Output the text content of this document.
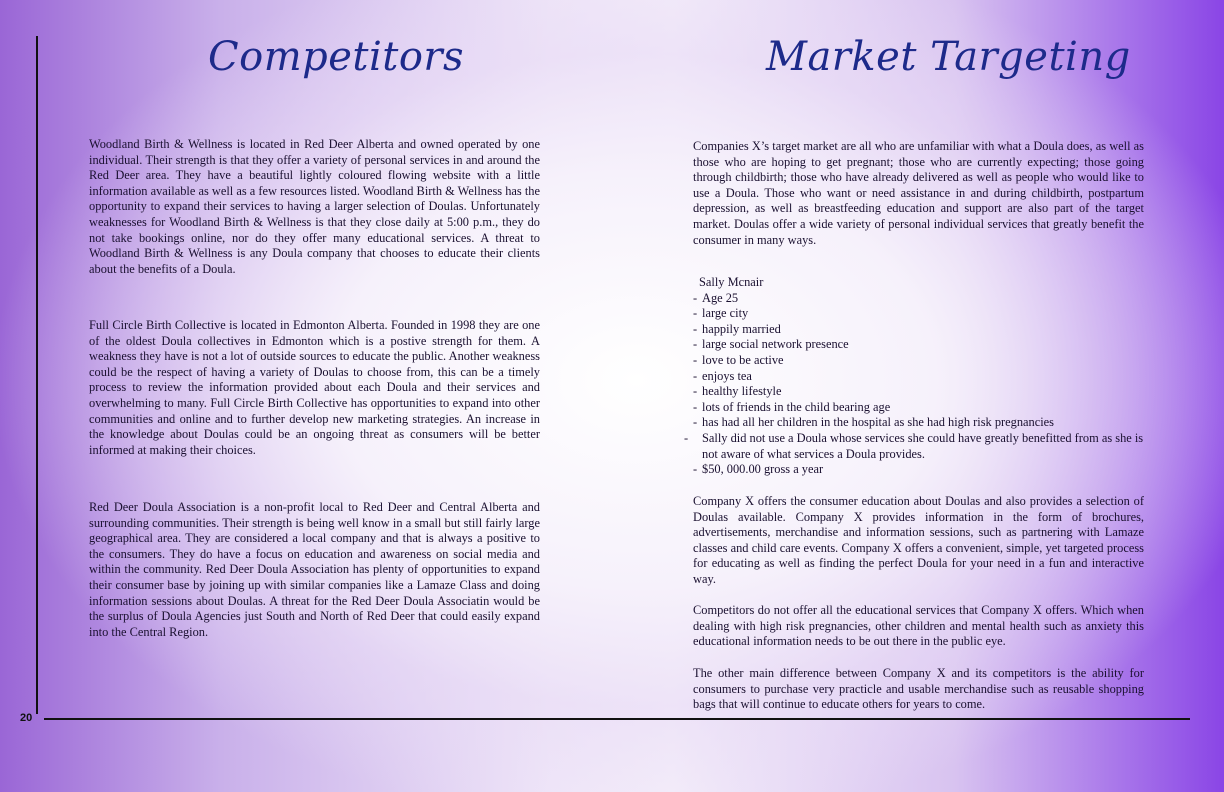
20
Competitors	Market Targeting

Woodland Birth & Wellness is located in Red Deer Alberta and owned operated by one individual. Their strength is that they offer a variety of personal services in and around the Red Deer area. They have a beautiful lightly coloured flowing website with a little information available as well as a few resources listed. Woodland Birth & Wellness has the opportunity to expand their services to having a larger selection of Doulas. Unfortunately weaknesses for Woodland Birth & Wellness is that they close daily at 5:00 p.m., they do not take bookings online, nor do they offer many educational services. A threat to Woodland Birth & Wellness is any Doula company that chooses to educate their clients about the benefits of a Doula.

Full Circle Birth Collective is located in Edmonton Alberta. Founded in 1998 they are one of the oldest Doula collectives in Edmonton which is a postive strength for them. A weakness they have is not a lot of outside sources to educate the public. Another weakness could be the respect of having a variety of Doulas to choose from, this can be a timely process to review the information provided about each Doula and their services and overwhelming to many. Full Circle Birth Collective has opportunities to expand into other communities and online and to further develop new marketing strategies. An increase in the knowledge about Doulas could be an ongoing threat as consumers will be better informed at making their choices.

Red Deer Doula Association is a non-profit local to Red Deer and Central Alberta and surrounding communities. Their strength is being well know in a small but still fairly large geographical area. They are considered a local company and that is always a positive to the consumers. They do have a focus on education and awareness on social media and within the community. Red Deer Doula Association has plenty of opportunities to expand their consumer base by joining up with similar companies like a Lamaze Class and doing information sessions about Doulas. A threat for the Red Deer Doula Associatin would be the surplus of Doula Agencies just South and North of Red Deer that could easily expand into the Central Region.

Companies X’s target market are all who are unfamiliar with what a Doula does, as well as those who are hoping to get pregnant; those who are currently expecting; those going through childbirth; those who have already delivered as well as people who would like to use a Doula. Those who want or need assistance in and during childbirth, postpartum depression, as well as breastfeeding education and support are also part of the target market. Doulas offer a wide variety of personal individual services that greatly benefit the consumer in many ways.

Sally Mcnair
- Age 25
- large city
- happily married
- large social network presence
- love to be active
- enjoys tea
- healthy lifestyle
- lots of friends in the child bearing age
- has had all her children in the hospital as she had high risk pregnancies
- Sally did not use a Doula whose services she could have greatly benefitted from as she is not aware of what services a Doula provides.
- $50, 000.00 gross a year

Company X offers the consumer education about Doulas and also provides a selection of Doulas available. Company X provides information in the form of brochures, advertisements, merchandise and information sessions, such as partnering with Lamaze classes and child care events. Company X offers a convenient, simple, yet targeted process for educating as well as finding the perfect Doula for your need in a fun and interactive way.

Competitors do not offer all the educational services that Company X offers. Which when dealing with high risk pregnancies, other children and mental health such as anxiety this educational information needs to be out there in the public eye.

The other main difference between Company X and its competitors is the ability for consumers to purchase very practicle and usable merchandise such as reusable shopping bags that will continue to educate others for years to come.
